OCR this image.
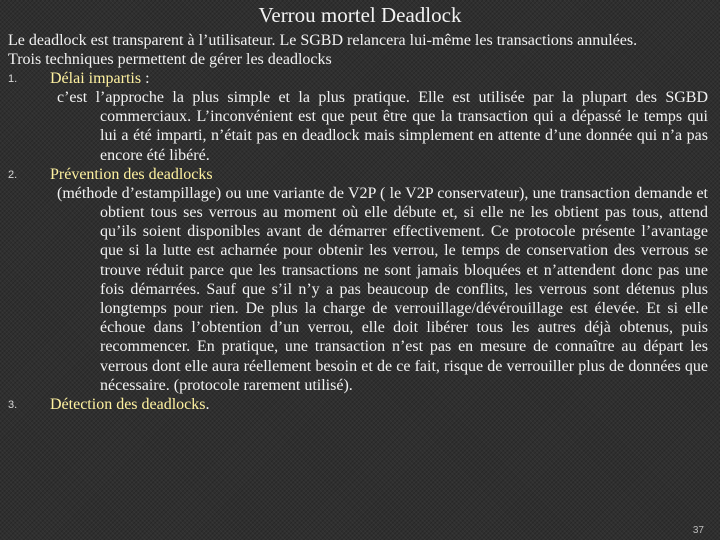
Verrou mortel Deadlock
Le deadlock est transparent à l’utilisateur. Le SGBD relancera lui-même les transactions annulées.
Trois techniques permettent de gérer les deadlocks
1.	Délai impartis :
c’est l’approche la plus simple et la plus pratique. Elle est utilisée par la plupart des SGBD commerciaux. L’inconvénient est que peut être que la transaction qui a dépassé le temps qui lui a été imparti, n’était pas en deadlock mais simplement en attente d’une donnée qui n’a pas encore été libéré.
2.	Prévention des deadlocks
(méthode d’estampillage) ou une variante de V2P ( le V2P conservateur), une transaction demande et obtient tous ses verrous au moment où elle débute et, si elle ne les obtient pas tous, attend qu’ils soient disponibles avant de démarrer effectivement. Ce protocole présente l’avantage que si la lutte est acharnée pour obtenir les verrou, le temps de conservation des verrous se trouve réduit parce que les transactions ne sont jamais bloquées et n’attendent donc pas une fois démarrées. Sauf que s’il n’y a pas beaucoup de conflits, les verrous sont détenus plus longtemps pour rien. De plus la charge de verrouillage/dévérouillage est élevée. Et si elle échoue dans l’obtention d’un verrou, elle doit libérer tous les autres déjà obtenus, puis recommencer. En pratique, une transaction n’est pas en mesure de connaître au départ les verrous dont elle aura réellement besoin et de ce fait, risque de verrouiller plus de données que nécessaire. (protocole rarement utilisé).
3.	Détection des deadlocks.
37
